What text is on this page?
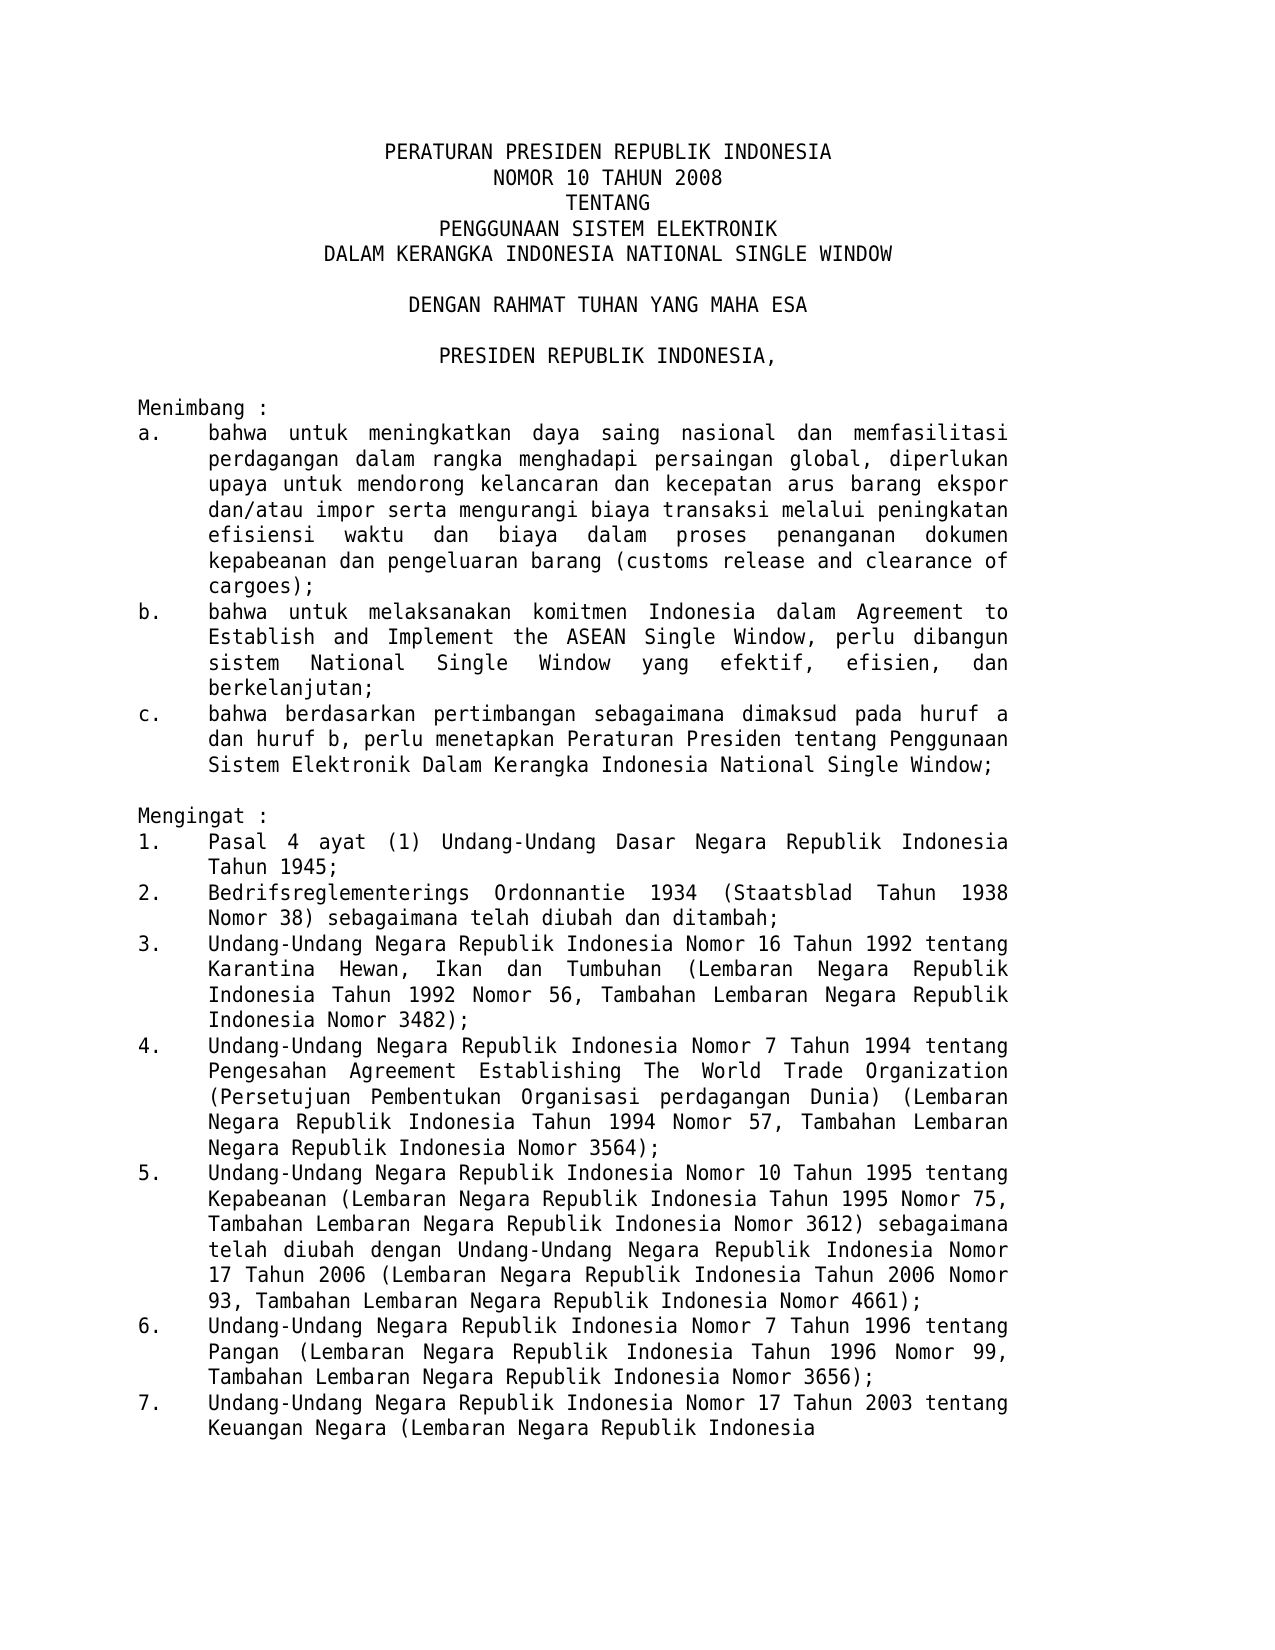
PERATURAN PRESIDEN REPUBLIK INDONESIA
NOMOR 10 TAHUN 2008
TENTANG
PENGGUNAAN SISTEM ELEKTRONIK
DALAM KERANGKA INDONESIA NATIONAL SINGLE WINDOW
DENGAN RAHMAT TUHAN YANG MAHA ESA
PRESIDEN REPUBLIK INDONESIA,
Menimbang :
a.	bahwa untuk meningkatkan daya saing nasional dan memfasilitasi perdagangan dalam rangka menghadapi persaingan global, diperlukan upaya untuk mendorong kelancaran dan kecepatan arus barang ekspor dan/atau impor serta mengurangi biaya transaksi melalui peningkatan efisiensi waktu dan biaya dalam proses penanganan dokumen kepabeanan dan pengeluaran barang (customs release and clearance of cargoes);
b.	bahwa untuk melaksanakan komitmen Indonesia dalam Agreement to Establish and Implement the ASEAN Single Window, perlu dibangun sistem National Single Window yang efektif, efisien, dan berkelanjutan;
c.	bahwa berdasarkan pertimbangan sebagaimana dimaksud pada huruf a dan huruf b, perlu menetapkan Peraturan Presiden tentang Penggunaan Sistem Elektronik Dalam Kerangka Indonesia National Single Window;
Mengingat :
1.	Pasal 4 ayat (1) Undang-Undang Dasar Negara Republik Indonesia Tahun 1945;
2.	Bedrifsreglementerings Ordonnantie 1934 (Staatsblad Tahun 1938 Nomor 38) sebagaimana telah diubah dan ditambah;
3.	Undang-Undang Negara Republik Indonesia Nomor 16 Tahun 1992 tentang Karantina Hewan, Ikan dan Tumbuhan (Lembaran Negara Republik Indonesia Tahun 1992 Nomor 56, Tambahan Lembaran Negara Republik Indonesia Nomor 3482);
4.	Undang-Undang Negara Republik Indonesia Nomor 7 Tahun 1994 tentang Pengesahan Agreement Establishing The World Trade Organization (Persetujuan Pembentukan Organisasi perdagangan Dunia) (Lembaran Negara Republik Indonesia Tahun 1994 Nomor 57, Tambahan Lembaran Negara Republik Indonesia Nomor 3564);
5.	Undang-Undang Negara Republik Indonesia Nomor 10 Tahun 1995 tentang Kepabeanan (Lembaran Negara Republik Indonesia Tahun 1995 Nomor 75, Tambahan Lembaran Negara Republik Indonesia Nomor 3612) sebagaimana telah diubah dengan Undang-Undang Negara Republik Indonesia Nomor 17 Tahun 2006 (Lembaran Negara Republik Indonesia Tahun 2006 Nomor 93, Tambahan Lembaran Negara Republik Indonesia Nomor 4661);
6.	Undang-Undang Negara Republik Indonesia Nomor 7 Tahun 1996 tentang Pangan (Lembaran Negara Republik Indonesia Tahun 1996 Nomor 99, Tambahan Lembaran Negara Republik Indonesia Nomor 3656);
7.	Undang-Undang Negara Republik Indonesia Nomor 17 Tahun 2003 tentang Keuangan Negara (Lembaran Negara Republik Indonesia
